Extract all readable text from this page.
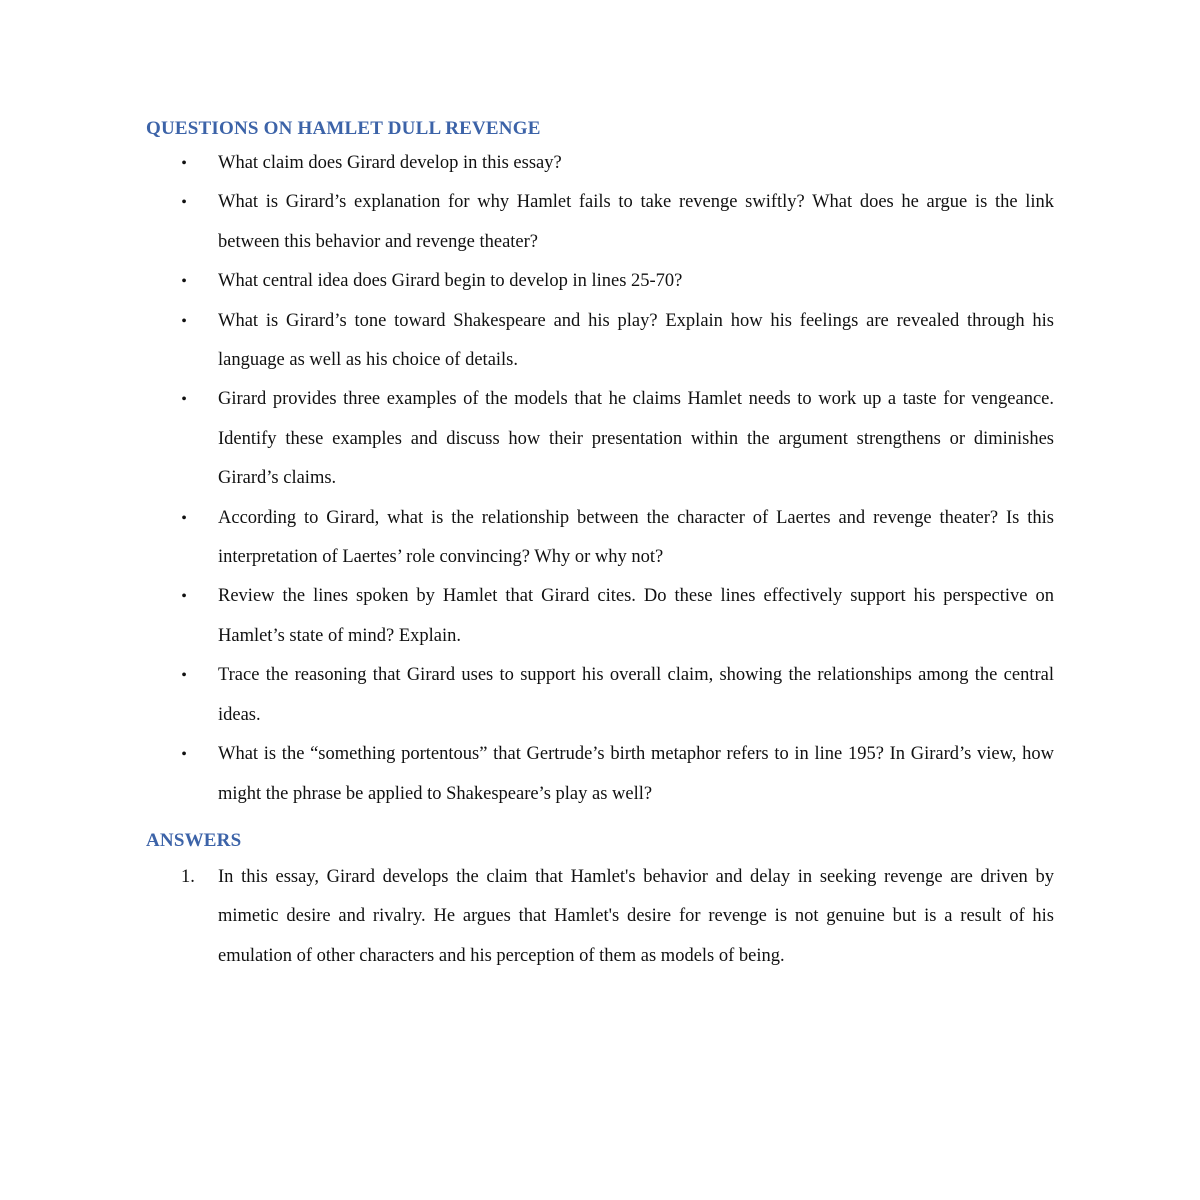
QUESTIONS ON HAMLET DULL REVENGE
• What claim does Girard develop in this essay?
• What is Girard’s explanation for why Hamlet fails to take revenge swiftly? What does he argue is the link between this behavior and revenge theater?
• What central idea does Girard begin to develop in lines 25-70?
• What is Girard’s tone toward Shakespeare and his play? Explain how his feelings are revealed through his language as well as his choice of details.
• Girard provides three examples of the models that he claims Hamlet needs to work up a taste for vengeance. Identify these examples and discuss how their presentation within the argument strengthens or diminishes Girard’s claims.
• According to Girard, what is the relationship between the character of Laertes and revenge theater? Is this interpretation of Laertes’ role convincing? Why or why not?
• Review the lines spoken by Hamlet that Girard cites. Do these lines effectively support his perspective on Hamlet’s state of mind? Explain.
• Trace the reasoning that Girard uses to support his overall claim, showing the relationships among the central ideas.
• What is the “something portentous” that Gertrude’s birth metaphor refers to in line 195? In Girard’s view, how might the phrase be applied to Shakespeare’s play as well?
ANSWERS
1. In this essay, Girard develops the claim that Hamlet's behavior and delay in seeking revenge are driven by mimetic desire and rivalry. He argues that Hamlet's desire for revenge is not genuine but is a result of his emulation of other characters and his perception of them as models of being.
